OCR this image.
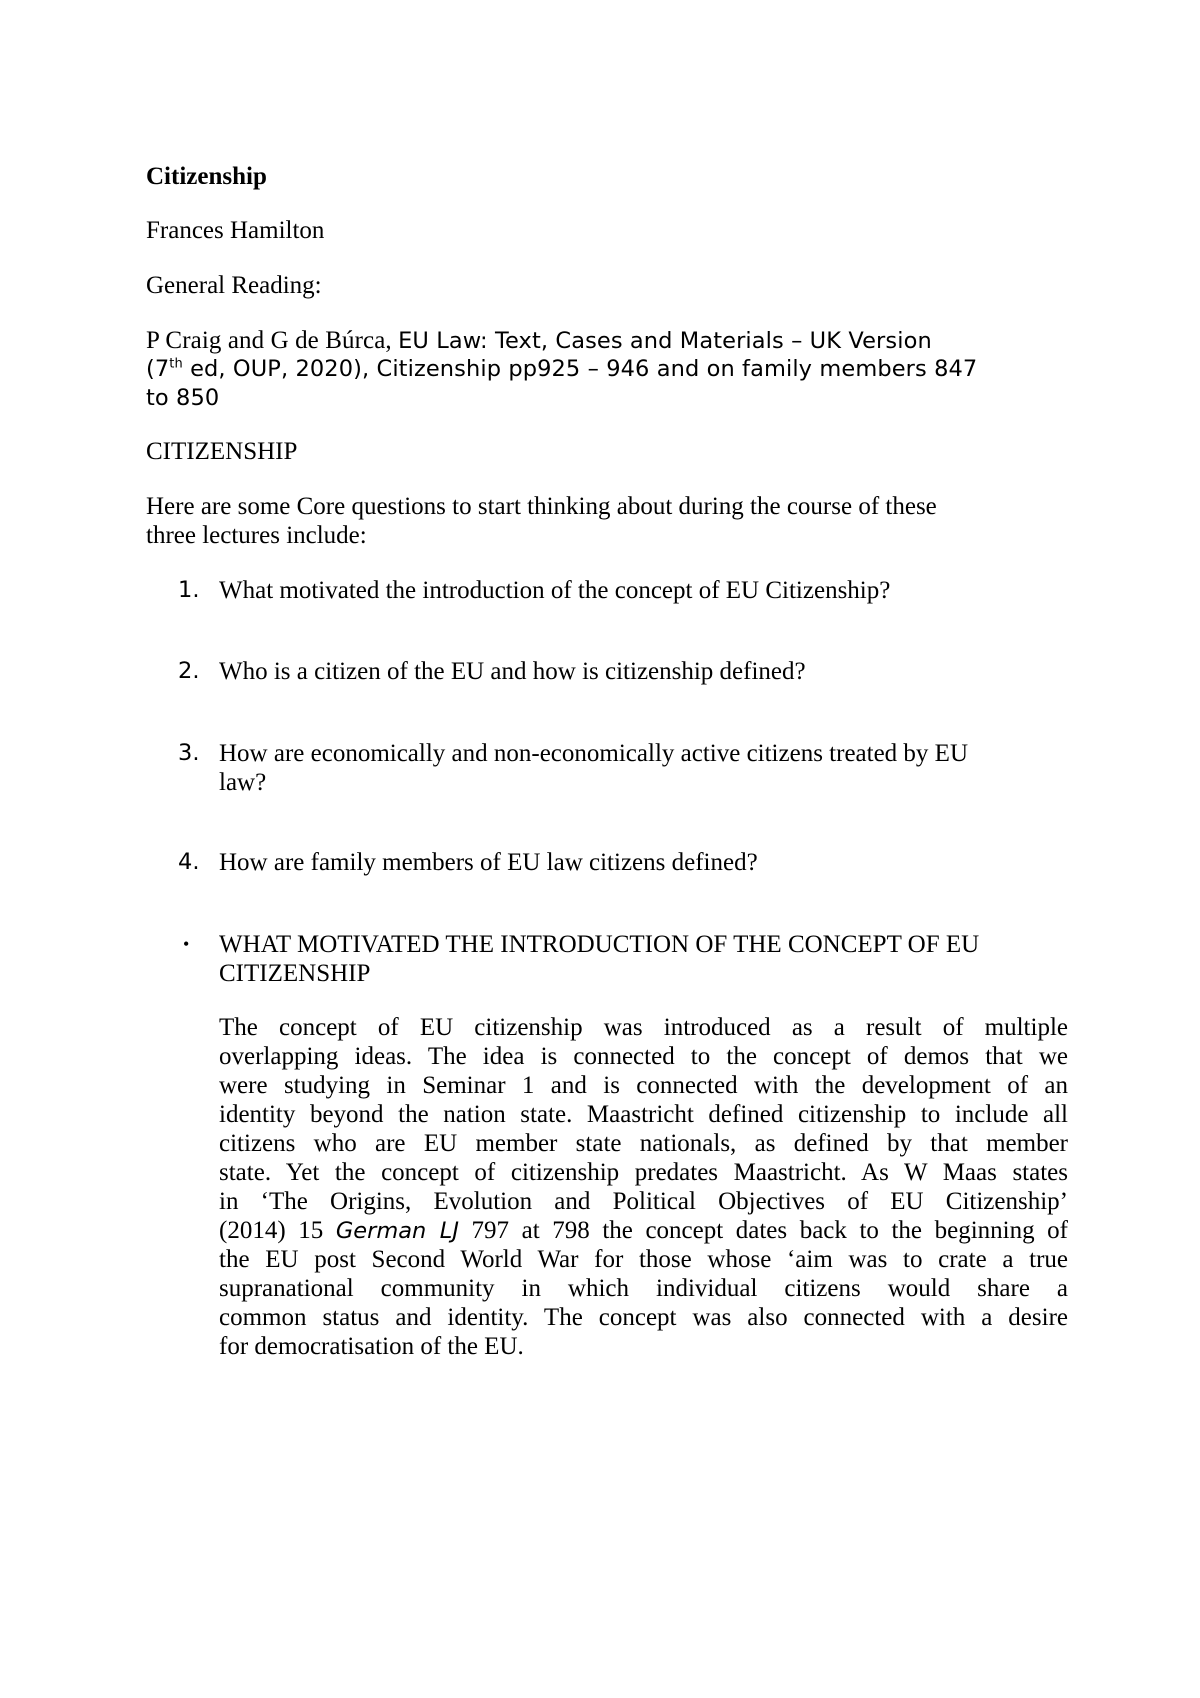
Citizenship
Frances Hamilton
General Reading:
P Craig and G de Búrca, EU Law: Text, Cases and Materials – UK Version
(7th ed, OUP, 2020), Citizenship pp925 – 946 and on family members 847
to 850
CITIZENSHIP
Here are some Core questions to start thinking about during the course of these
three lectures include:
1. What motivated the introduction of the concept of EU Citizenship?
2. Who is a citizen of the EU and how is citizenship defined?
3. How are economically and non-economically active citizens treated by EU
law?
4. How are family members of EU law citizens defined?
• WHAT MOTIVATED THE INTRODUCTION OF THE CONCEPT OF EU
CITIZENSHIP
The concept of EU citizenship was introduced as a result of multiple
overlapping ideas. The idea is connected to the concept of demos that we
were studying in Seminar 1 and is connected with the development of an
identity beyond the nation state. Maastricht defined citizenship to include all
citizens who are EU member state nationals, as defined by that member
state. Yet the concept of citizenship predates Maastricht. As W Maas states
in ‘The Origins, Evolution and Political Objectives of EU Citizenship’
(2014) 15 German LJ 797 at 798 the concept dates back to the beginning of
the EU post Second World War for those whose ‘aim was to crate a true
supranational community in which individual citizens would share a
common status and identity. The concept was also connected with a desire
for democratisation of the EU.
